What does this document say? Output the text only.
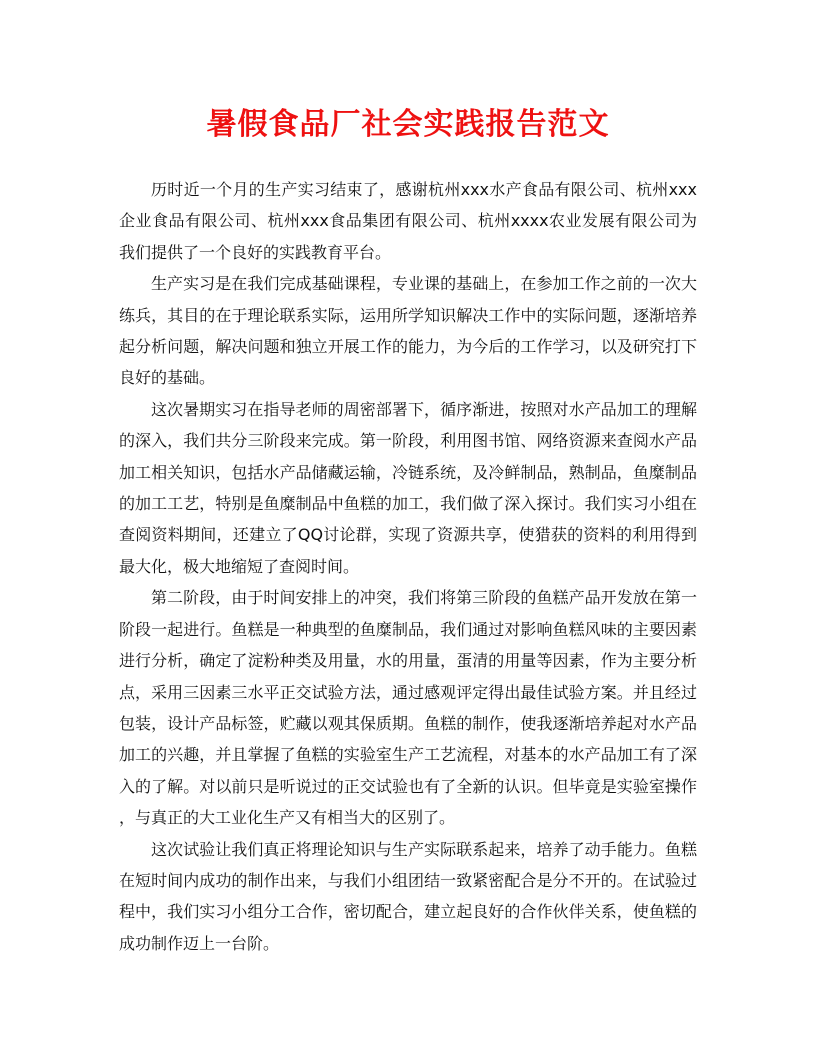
暑假食品厂社会实践报告范文

历时近一个月的生产实习结束了，感谢杭州xxx水产食品有限公司、杭州xxx企业食品有限公司、杭州xxx食品集团有限公司、杭州xxxx农业发展有限公司为我们提供了一个良好的实践教育平台。

生产实习是在我们完成基础课程，专业课的基础上，在参加工作之前的一次大练兵，其目的在于理论联系实际，运用所学知识解决工作中的实际问题，逐渐培养起分析问题，解决问题和独立开展工作的能力，为今后的工作学习，以及研究打下良好的基础。

这次暑期实习在指导老师的周密部署下，循序渐进，按照对水产品加工的理解的深入，我们共分三阶段来完成。第一阶段，利用图书馆、网络资源来查阅水产品加工相关知识，包括水产品储藏运输，冷链系统，及冷鲜制品，熟制品，鱼糜制品的加工工艺，特别是鱼糜制品中鱼糕的加工，我们做了深入探讨。我们实习小组在查阅资料期间，还建立了QQ讨论群，实现了资源共享，使猎获的资料的利用得到最大化，极大地缩短了查阅时间。

第二阶段，由于时间安排上的冲突，我们将第三阶段的鱼糕产品开发放在第一阶段一起进行。鱼糕是一种典型的鱼糜制品，我们通过对影响鱼糕风味的主要因素进行分析，确定了淀粉种类及用量，水的用量，蛋清的用量等因素，作为主要分析点，采用三因素三水平正交试验方法，通过感观评定得出最佳试验方案。并且经过包装，设计产品标签，贮藏以观其保质期。鱼糕的制作，使我逐渐培养起对水产品加工的兴趣，并且掌握了鱼糕的实验室生产工艺流程，对基本的水产品加工有了深入的了解。对以前只是听说过的正交试验也有了全新的认识。但毕竟是实验室操作，与真正的大工业化生产又有相当大的区别了。

这次试验让我们真正将理论知识与生产实际联系起来，培养了动手能力。鱼糕在短时间内成功的制作出来，与我们小组团结一致紧密配合是分不开的。在试验过程中，我们实习小组分工合作，密切配合，建立起良好的合作伙伴关系，使鱼糕的成功制作迈上一台阶。
